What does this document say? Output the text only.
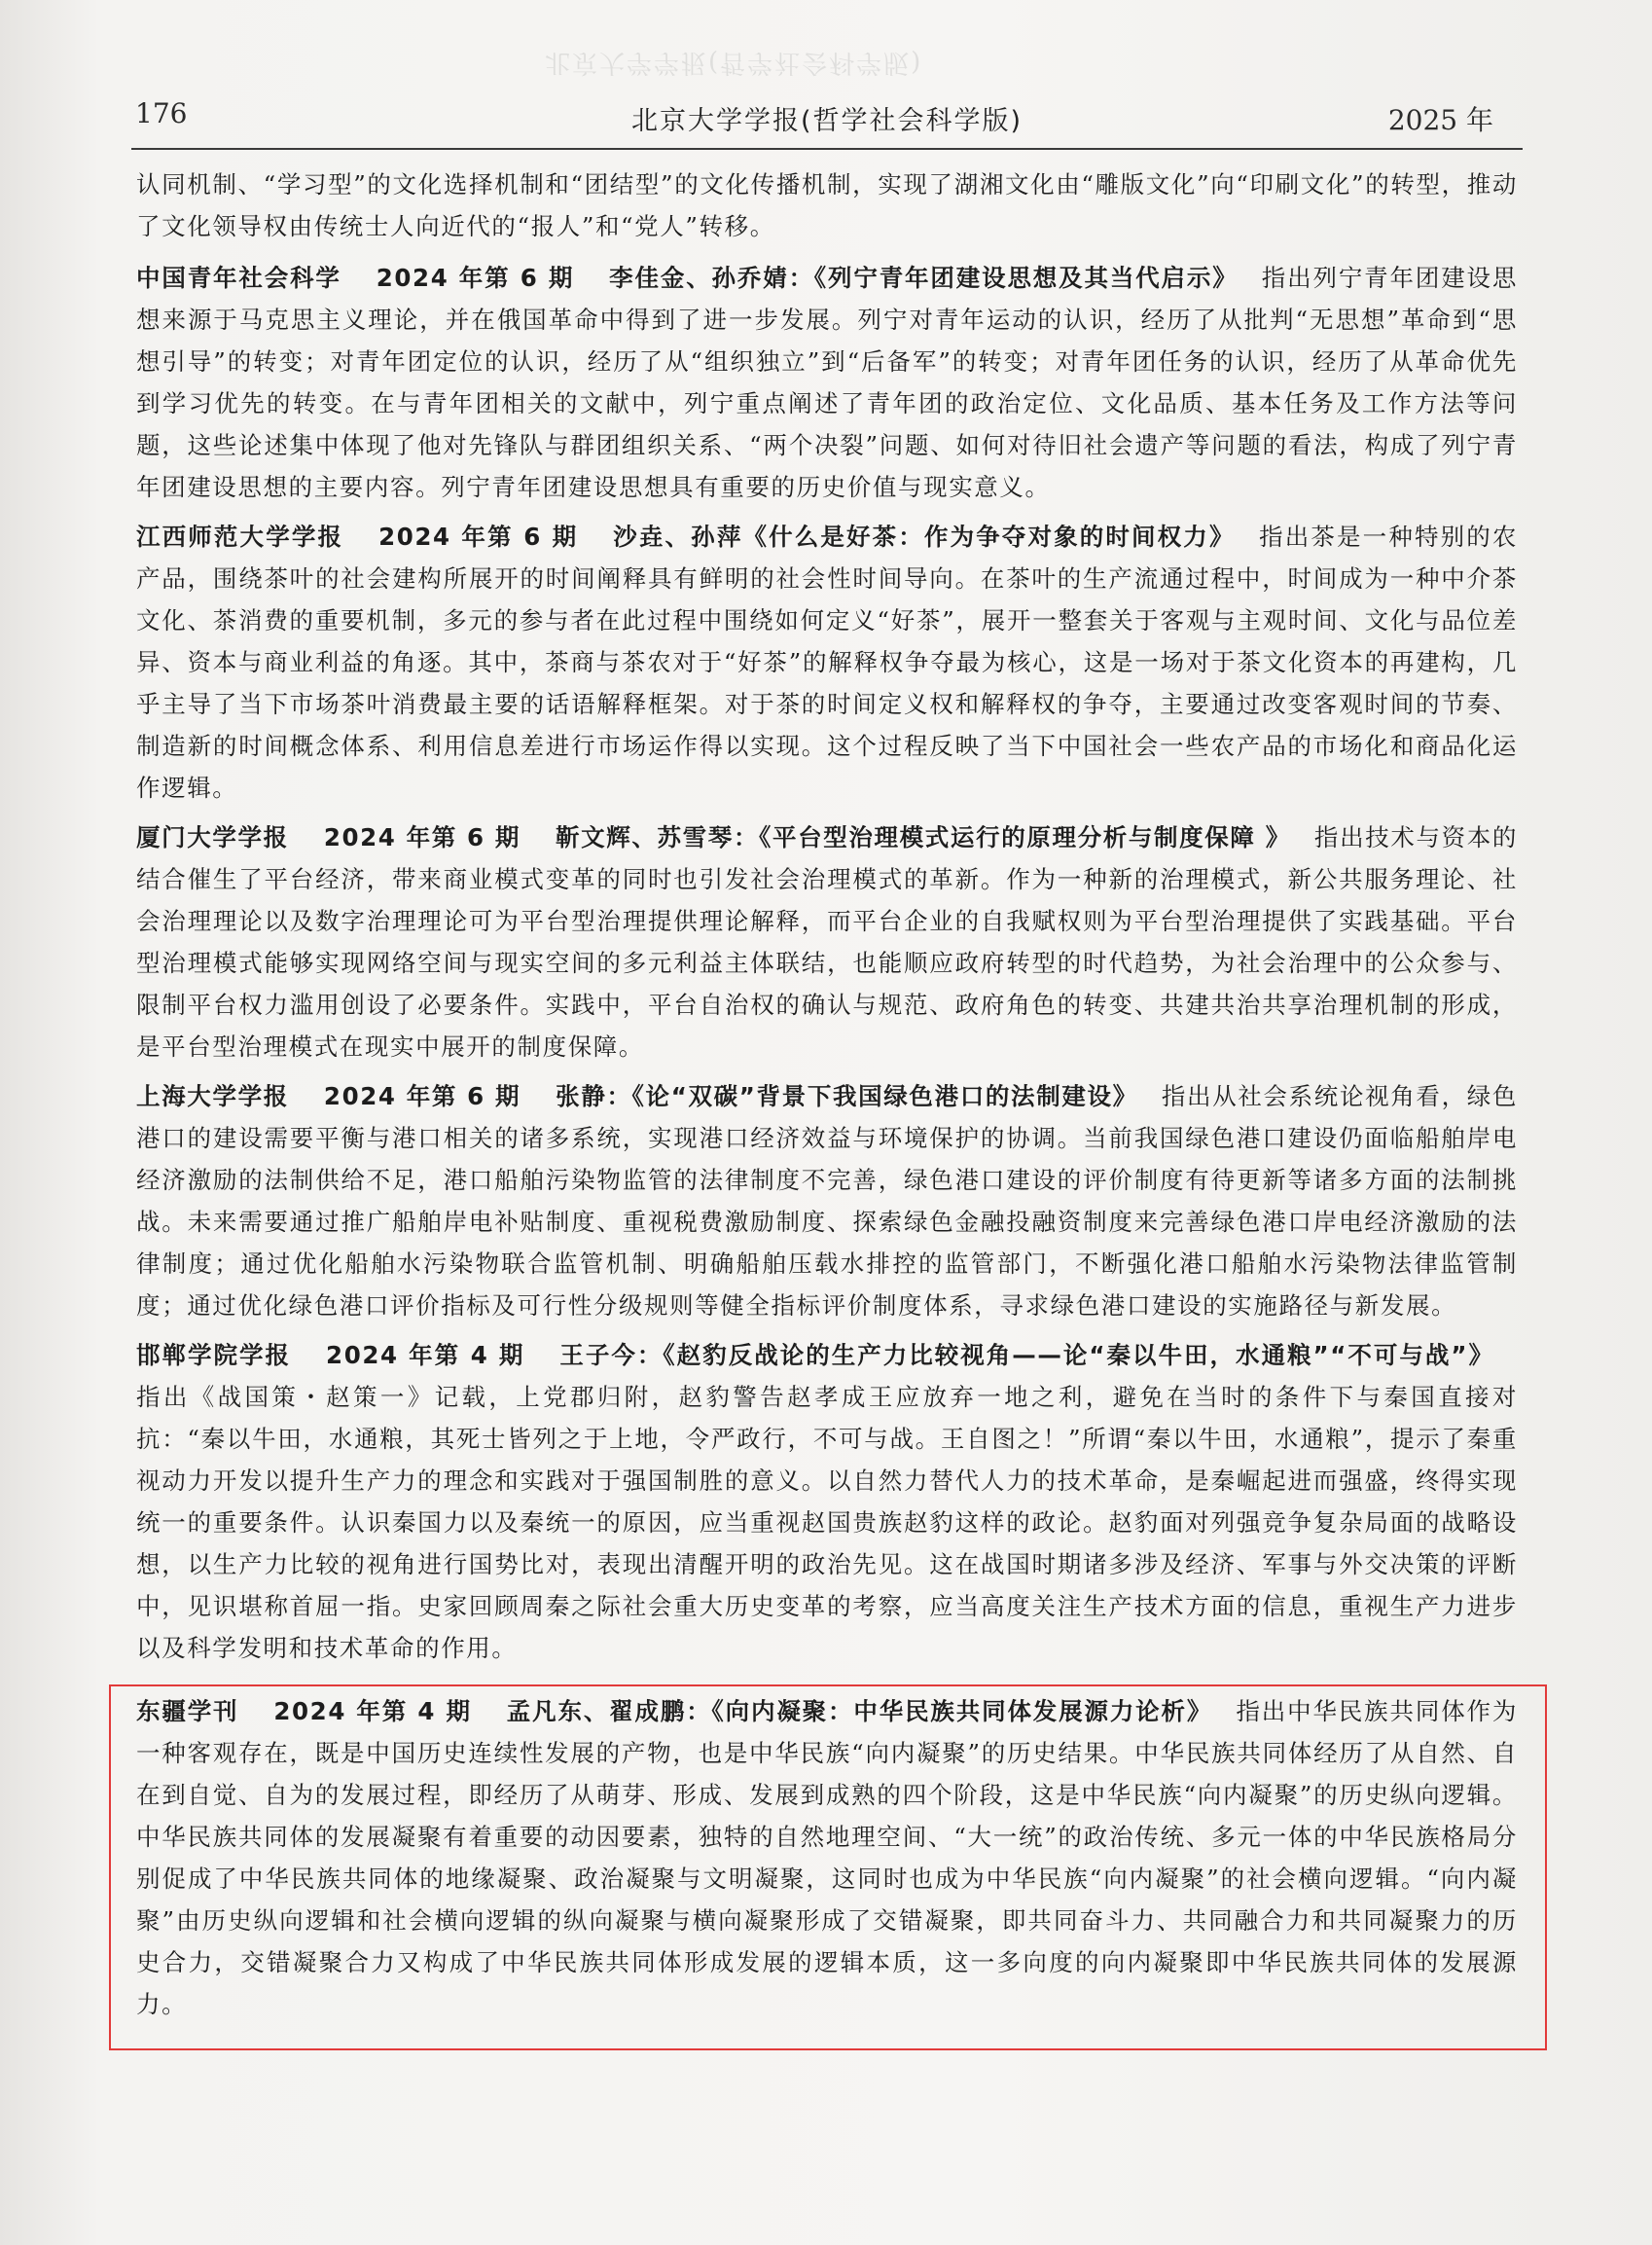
北京大学学报(哲学社会科学版)
176	北京大学学报(哲学社会科学版)	2025 年

认同机制、“学习型”的文化选择机制和“团结型”的文化传播机制，实现了湖湘文化由“雕版文化”向“印刷文化”的转型，推动了文化领导权由传统士人向近代的“报人”和“党人”转移。

中国青年社会科学 2024 年第 6 期 李佳金、孙乔婧：《列宁青年团建设思想及其当代启示》 指出列宁青年团建设思想来源于马克思主义理论，并在俄国革命中得到了进一步发展。列宁对青年运动的认识，经历了从批判“无思想”革命到“思想引导”的转变；对青年团定位的认识，经历了从“组织独立”到“后备军”的转变；对青年团任务的认识，经历了从革命优先到学习优先的转变。在与青年团相关的文献中，列宁重点阐述了青年团的政治定位、文化品质、基本任务及工作方法等问题，这些论述集中体现了他对先锋队与群团组织关系、“两个决裂”问题、如何对待旧社会遗产等问题的看法，构成了列宁青年团建设思想的主要内容。列宁青年团建设思想具有重要的历史价值与现实意义。

江西师范大学学报 2024 年第 6 期 沙垚、孙萍《什么是好茶：作为争夺对象的时间权力》 指出茶是一种特别的农产品，围绕茶叶的社会建构所展开的时间阐释具有鲜明的社会性时间导向。在茶叶的生产流通过程中，时间成为一种中介茶文化、茶消费的重要机制，多元的参与者在此过程中围绕如何定义“好茶”，展开一整套关于客观与主观时间、文化与品位差异、资本与商业利益的角逐。其中，茶商与茶农对于“好茶”的解释权争夺最为核心，这是一场对于茶文化资本的再建构，几乎主导了当下市场茶叶消费最主要的话语解释框架。对于茶的时间定义权和解释权的争夺，主要通过改变客观时间的节奏、制造新的时间概念体系、利用信息差进行市场运作得以实现。这个过程反映了当下中国社会一些农产品的市场化和商品化运作逻辑。

厦门大学学报 2024 年第 6 期 靳文辉、苏雪琴：《平台型治理模式运行的原理分析与制度保障 》 指出技术与资本的结合催生了平台经济，带来商业模式变革的同时也引发社会治理模式的革新。作为一种新的治理模式，新公共服务理论、社会治理理论以及数字治理理论可为平台型治理提供理论解释，而平台企业的自我赋权则为平台型治理提供了实践基础。平台型治理模式能够实现网络空间与现实空间的多元利益主体联结，也能顺应政府转型的时代趋势，为社会治理中的公众参与、限制平台权力滥用创设了必要条件。实践中，平台自治权的确认与规范、政府角色的转变、共建共治共享治理机制的形成，是平台型治理模式在现实中展开的制度保障。

上海大学学报 2024 年第 6 期 张静：《论“双碳”背景下我国绿色港口的法制建设》 指出从社会系统论视角看，绿色港口的建设需要平衡与港口相关的诸多系统，实现港口经济效益与环境保护的协调。当前我国绿色港口建设仍面临船舶岸电经济激励的法制供给不足，港口船舶污染物监管的法律制度不完善，绿色港口建设的评价制度有待更新等诸多方面的法制挑战。未来需要通过推广船舶岸电补贴制度、重视税费激励制度、探索绿色金融投融资制度来完善绿色港口岸电经济激励的法律制度；通过优化船舶水污染物联合监管机制、明确船舶压载水排控的监管部门，不断强化港口船舶水污染物法律监管制度；通过优化绿色港口评价指标及可行性分级规则等健全指标评价制度体系，寻求绿色港口建设的实施路径与新发展。

邯郸学院学报 2024 年第 4 期 王子今：《赵豹反战论的生产力比较视角——论“秦以牛田，水通粮”“不可与战”》指出《战国策・赵策一》记载，上党郡归附，赵豹警告赵孝成王应放弃一地之利，避免在当时的条件下与秦国直接对抗：“秦以牛田，水通粮，其死士皆列之于上地，令严政行，不可与战。王自图之！”所谓“秦以牛田，水通粮”，提示了秦重视动力开发以提升生产力的理念和实践对于强国制胜的意义。以自然力替代人力的技术革命，是秦崛起进而强盛，终得实现统一的重要条件。认识秦国力以及秦统一的原因，应当重视赵国贵族赵豹这样的政论。赵豹面对列强竞争复杂局面的战略设想，以生产力比较的视角进行国势比对，表现出清醒开明的政治先见。这在战国时期诸多涉及经济、军事与外交决策的评断中，见识堪称首屈一指。史家回顾周秦之际社会重大历史变革的考察，应当高度关注生产技术方面的信息，重视生产力进步以及科学发明和技术革命的作用。

东疆学刊 2024 年第 4 期 孟凡东、翟成鹏：《向内凝聚：中华民族共同体发展源力论析》 指出中华民族共同体作为一种客观存在，既是中国历史连续性发展的产物，也是中华民族“向内凝聚”的历史结果。中华民族共同体经历了从自然、自在到自觉、自为的发展过程，即经历了从萌芽、形成、发展到成熟的四个阶段，这是中华民族“向内凝聚”的历史纵向逻辑。中华民族共同体的发展凝聚有着重要的动因要素，独特的自然地理空间、“大一统”的政治传统、多元一体的中华民族格局分别促成了中华民族共同体的地缘凝聚、政治凝聚与文明凝聚，这同时也成为中华民族“向内凝聚”的社会横向逻辑。“向内凝聚”由历史纵向逻辑和社会横向逻辑的纵向凝聚与横向凝聚形成了交错凝聚，即共同奋斗力、共同融合力和共同凝聚力的历史合力，交错凝聚合力又构成了中华民族共同体形成发展的逻辑本质，这一多向度的向内凝聚即中华民族共同体的发展源力。
